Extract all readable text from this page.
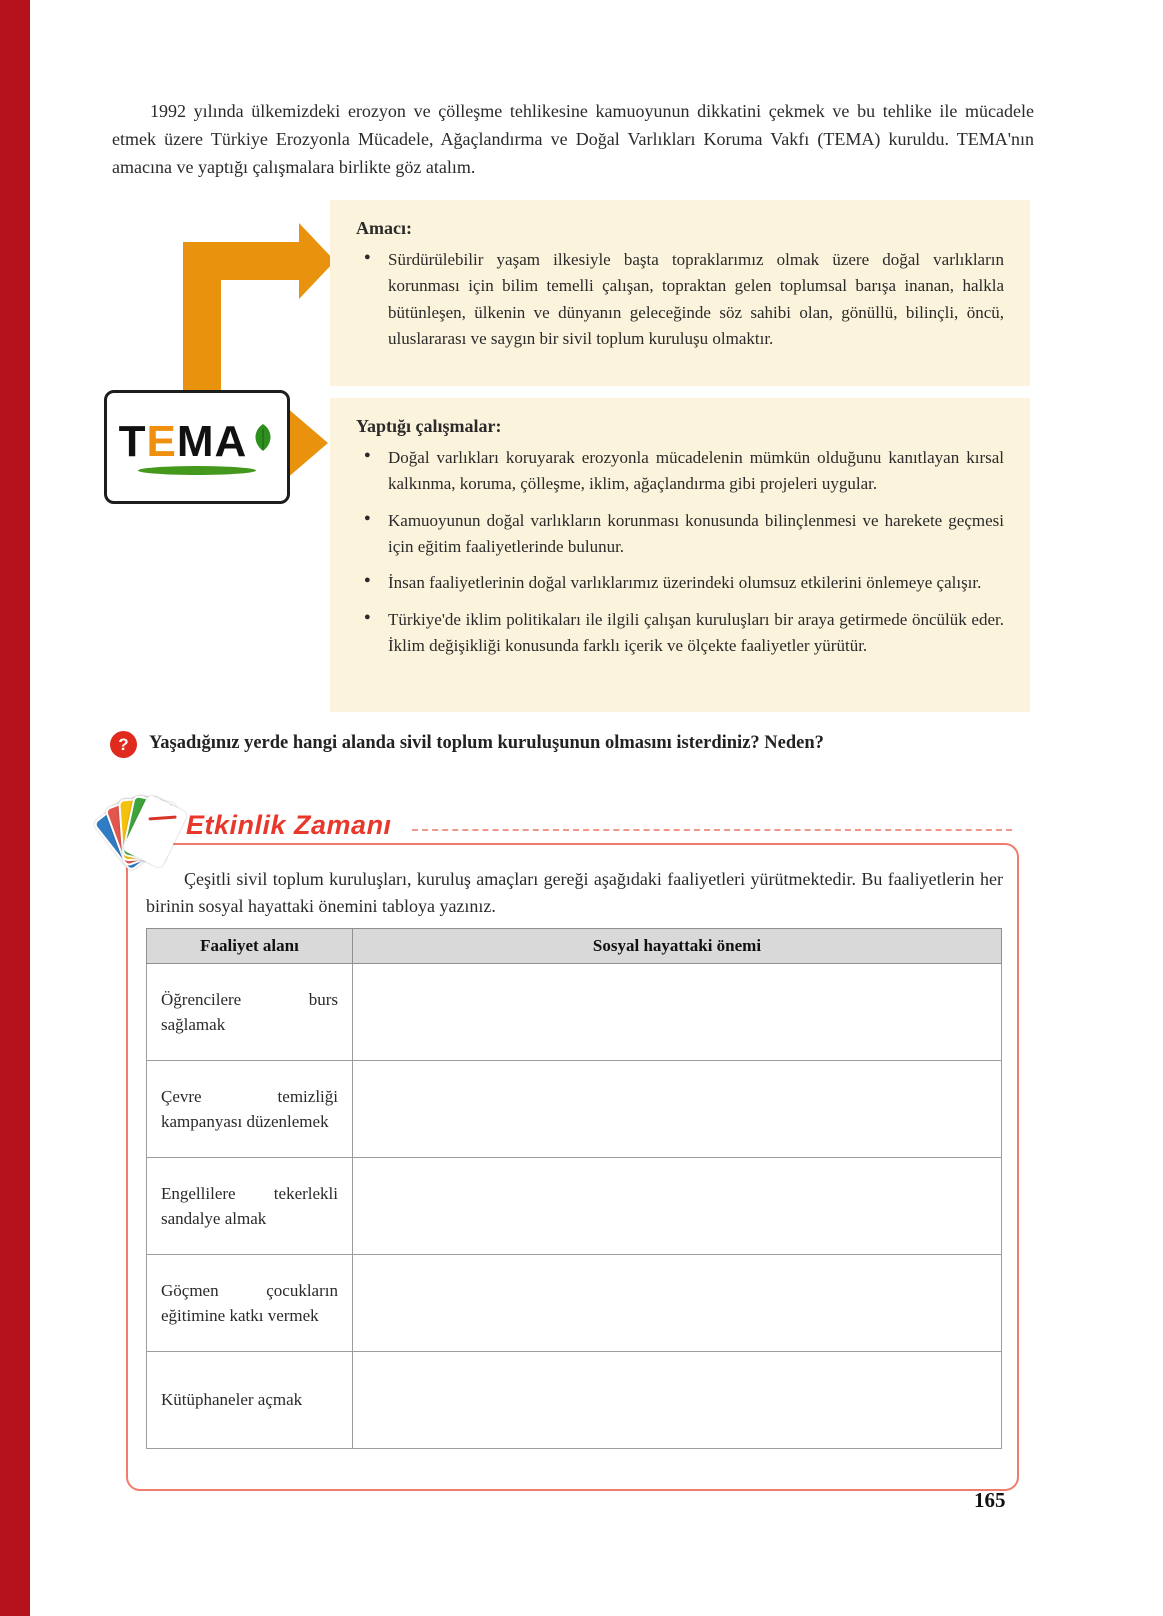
1992 yılında ülkemizdeki erozyon ve çölleşme tehlikesine kamuoyunun dikkatini çekmek ve bu tehlike ile mücadele etmek üzere Türkiye Erozyonla Mücadele, Ağaçlandırma ve Doğal Varlıkları Koruma Vakfı (TEMA) kuruldu. TEMA'nın amacına ve yaptığı çalışmalara birlikte göz atalım.

Amacı:
● Sürdürülebilir yaşam ilkesiyle başta topraklarımız olmak üzere doğal varlıkların korunması için bilim temelli çalışan, topraktan gelen toplumsal barışa inanan, halkla bütünleşen, ülkenin ve dünyanın geleceğinde söz sahibi olan, gönüllü, bilinçli, öncü, uluslararası ve saygın bir sivil toplum kuruluşu olmaktır.
Yaptığı çalışmalar:
● Doğal varlıkları koruyarak erozyonla mücadelenin mümkün olduğunu kanıtlayan kırsal kalkınma, koruma, çölleşme, iklim, ağaçlandırma gibi projeleri uygular.
● Kamuoyunun doğal varlıkların korunması konusunda bilinçlenmesi ve harekete geçmesi için eğitim faaliyetlerinde bulunur.
● İnsan faaliyetlerinin doğal varlıklarımız üzerindeki olumsuz etkilerini önlemeye çalışır.
● Türkiye'de iklim politikaları ile ilgili çalışan kuruluşları bir araya getirmede öncülük eder. İklim değişikliği konusunda farklı içerik ve ölçekte faaliyetler yürütür.
T E MA
?	Yaşadığınız yerde hangi alanda sivil toplum kuruluşunun olmasını isterdiniz? Neden?
Etkinlik Zamanı

Çeşitli sivil toplum kuruluşları, kuruluş amaçları gereği aşağıdaki faaliyetleri yürütmektedir. Bu faaliyetlerin her birinin sosyal hayattaki önemini tabloya yazınız.

Faaliyet alanı	Sosyal hayattaki önemi
Öğrencilere burs sağlamak	
Çevre temizliği kampanyası düzenlemek	
Engellilere tekerlekli sandalye almak	
Göçmen çocukların eğitimine katkı vermek	
Kütüphaneler açmak	
165
